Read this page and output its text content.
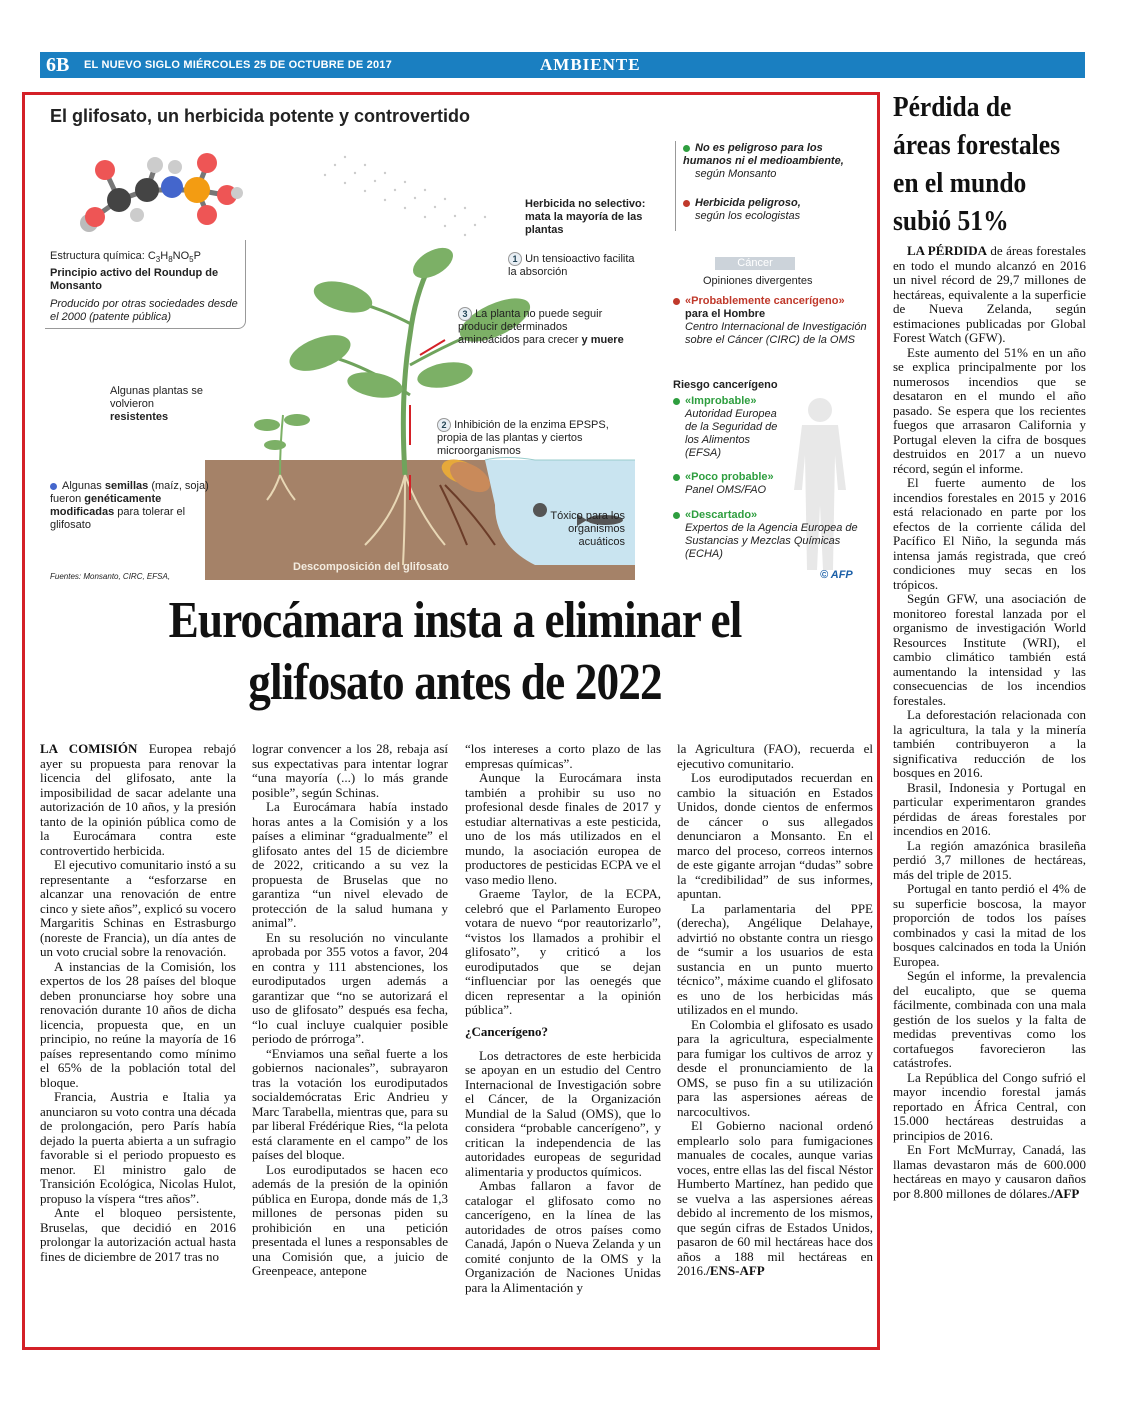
6B EL NUEVO SIGLO MIÉRCOLES 25 DE OCTUBRE DE 2017	AMBIENTE
El glifosato, un herbicida potente y controvertido
Estructura química: $C_3H_8NO_5P$
Principio activo del Roundup de Monsanto
Producido por otras sociedades desde el 2000 (patente pública)
Descomposición del glifosato
Fuentes: Monsanto, CIRC, EFSA,
Herbicida no selectivo:
mata la mayoría de las plantas
1 Un tensioactivo facilita la absorción
3 La planta no puede seguir producir determinados aminoácidos para crecer y muere
2 Inhibición de la enzima EPSPS, propia de las plantas y ciertos microorganismos
Algunas plantas se volvieron
resistentes
Algunas semillas (maíz, soja) fueron genéticamente modificadas para tolerar el glifosato
Tóxico para los organismos acuáticos
No es peligroso para los humanos ni el medioambiente,
según Monsanto
Herbicida peligroso,
según los ecologistas
Cáncer
Opiniones divergentes
«Probablemente cancerígeno»
para el Hombre

Centro Internacional de Investigación sobre el Cáncer (CIRC) de la OMS
Riesgo cancerígeno
«Improbable»
Autoridad Europea de la Seguridad de los Alimentos (EFSA)
«Poco probable»
Panel OMS/FAO
«Descartado»
Expertos de la Agencia Europea de Sustancias y Mezclas Químicas (ECHA)
© AFP
Eurocámara insta a eliminar el glifosato antes de 2022

LA COMISIÓN Europea rebajó ayer su propuesta para renovar la licencia del glifosato, ante la imposibilidad de sacar adelante una autorización de 10 años, y la presión tanto de la opinión pública como de la Eurocámara contra este controvertido herbicida.

El ejecutivo comunitario instó a su representante a “esforzarse en alcanzar una renovación de entre cinco y siete años”, explicó su vocero Margaritis Schinas en Estrasburgo (noreste de Francia), un día antes de un voto crucial sobre la renovación.

A instancias de la Comisión, los expertos de los 28 países del bloque deben pronunciarse hoy sobre una renovación durante 10 años de dicha licencia, propuesta que, en un principio, no reúne la mayoría de 16 países representando como mínimo el 65% de la población total del bloque.

Francia, Austria e Italia ya anunciaron su voto contra una década de prolongación, pero París había dejado la puerta abierta a un sufragio favorable si el periodo propuesto es menor. El ministro galo de Transición Ecológica, Nicolas Hulot, propuso la víspera “tres años”.

Ante el bloqueo persistente, Bruselas, que decidió en 2016 prolongar la autorización actual hasta fines de diciembre de 2017 tras no

lograr convencer a los 28, rebaja así sus expectativas para intentar lograr “una mayoría (...) lo más grande posible”, según Schinas.

La Eurocámara había instado horas antes a la Comisión y a los países a eliminar “gradualmente” el glifosato antes del 15 de diciembre de 2022, criticando a su vez la propuesta de Bruselas que no garantiza “un nivel elevado de protección de la salud humana y animal”.

En su resolución no vinculante aprobada por 355 votos a favor, 204 en contra y 111 abstenciones, los eurodiputados urgen además a garantizar que “no se autorizará el uso de glifosato” después esa fecha, “lo cual incluye cualquier posible periodo de prórroga”.

“Enviamos una señal fuerte a los gobiernos nacionales”, subrayaron tras la votación los eurodiputados socialdemócratas Eric Andrieu y Marc Tarabella, mientras que, para su par liberal Frédérique Ries, “la pelota está claramente en el campo” de los países del bloque.

Los eurodiputados se hacen eco además de la presión de la opinión pública en Europa, donde más de 1,3 millones de personas piden su prohibición en una petición presentada el lunes a responsables de una Comisión que, a juicio de Greenpeace, antepone

“los intereses a corto plazo de las empresas químicas”.

Aunque la Eurocámara insta también a prohibir su uso no profesional desde finales de 2017 y estudiar alternativas a este pesticida, uno de los más utilizados en el mundo, la asociación europea de productores de pesticidas ECPA ve el vaso medio lleno.

Graeme Taylor, de la ECPA, celebró que el Parlamento Europeo votara de nuevo “por reautorizarlo”, “vistos los llamados a prohibir el glifosato”, y criticó a los eurodiputados que se dejan “influenciar por las oenegés que dicen representar a la opinión pública”.

¿Cancerígeno?

Los detractores de este herbicida se apoyan en un estudio del Centro Internacional de Investigación sobre el Cáncer, de la Organización Mundial de la Salud (OMS), que lo considera “probable cancerígeno”, y critican la independencia de las autoridades europeas de seguridad alimentaria y productos químicos.

Ambas fallaron a favor de catalogar el glifosato como no cancerígeno, en la línea de las autoridades de otros países como Canadá, Japón o Nueva Zelanda y un comité conjunto de la OMS y la Organización de Naciones Unidas para la Alimentación y

la Agricultura (FAO), recuerda el ejecutivo comunitario.

Los eurodiputados recuerdan en cambio la situación en Estados Unidos, donde cientos de enfermos de cáncer o sus allegados denunciaron a Monsanto. En el marco del proceso, correos internos de este gigante arrojan “dudas” sobre la “credibilidad” de sus informes, apuntan.

La parlamentaria del PPE (derecha), Angélique Delahaye, advirtió no obstante contra un riesgo de “sumir a los usuarios de esta sustancia en un punto muerto técnico”, máxime cuando el glifosato es uno de los herbicidas más utilizados en el mundo.

En Colombia el glifosato es usado para la agricultura, especialmente para fumigar los cultivos de arroz y desde el pronunciamiento de la OMS, se puso fin a su utilización para las aspersiones aéreas de narcocultivos.

El Gobierno nacional ordenó emplearlo solo para fumigaciones manuales de cocales, aunque varias voces, entre ellas las del fiscal Néstor Humberto Martínez, han pedido que se vuelva a las aspersiones aéreas debido al incremento de los mismos, que según cifras de Estados Unidos, pasaron de 60 mil hectáreas hace dos años a 188 mil hectáreas en 2016./ENS-AFP

Pérdida de áreas forestales en el mundo subió 51%

LA PÉRDIDA de áreas forestales en todo el mundo alcanzó en 2016 un nivel récord de 29,7 millones de hectáreas, equivalente a la superficie de Nueva Zelanda, según estimaciones publicadas por Global Forest Watch (GFW).

Este aumento del 51% en un año se explica principalmente por los numerosos incendios que se desataron en el mundo el año pasado. Se espera que los recientes fuegos que arrasaron California y Portugal eleven la cifra de bosques destruidos en 2017 a un nuevo récord, según el informe.

El fuerte aumento de los incendios forestales en 2015 y 2016 está relacionado en parte por los efectos de la corriente cálida del Pacífico El Niño, la segunda más intensa jamás registrada, que creó condiciones muy secas en los trópicos.

Según GFW, una asociación de monitoreo forestal lanzada por el organismo de investigación World Resources Institute (WRI), el cambio climático también está aumentando la intensidad y las consecuencias de los incendios forestales.

La deforestación relacionada con la agricultura, la tala y la minería también contribuyeron a la significativa reducción de los bosques en 2016.

Brasil, Indonesia y Portugal en particular experimentaron grandes pérdidas de áreas forestales por incendios en 2016.

La región amazónica brasileña perdió 3,7 millones de hectáreas, más del triple de 2015.

Portugal en tanto perdió el 4% de su superficie boscosa, la mayor proporción de todos los países combinados y casi la mitad de los bosques calcinados en toda la Unión Europea.

Según el informe, la prevalencia del eucalipto, que se quema fácilmente, combinada con una mala gestión de los suelos y la falta de medidas preventivas como los cortafuegos favorecieron las catástrofes.

La República del Congo sufrió el mayor incendio forestal jamás reportado en África Central, con 15.000 hectáreas destruidas a principios de 2016.

En Fort McMurray, Canadá, las llamas devastaron más de 600.000 hectáreas en mayo y causaron daños por 8.800 millones de dólares./AFP
